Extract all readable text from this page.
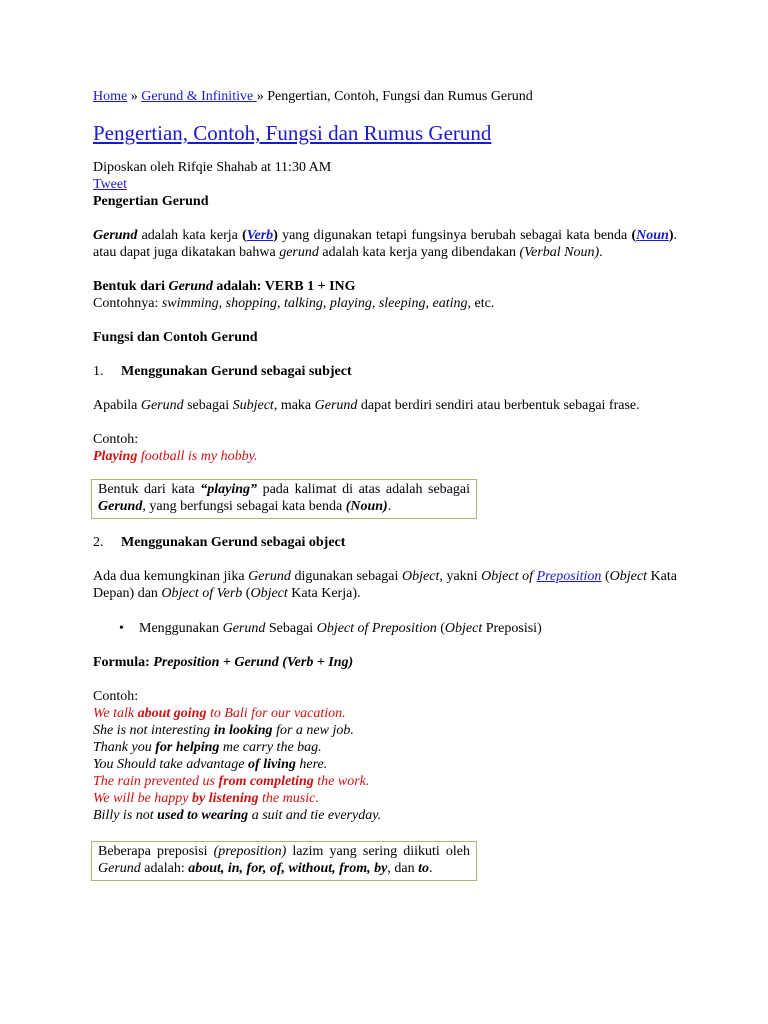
Home » Gerund & Infinitive » Pengertian, Contoh, Fungsi dan Rumus Gerund

Pengertian, Contoh, Fungsi dan Rumus Gerund

Diposkan oleh Rifqie Shahab at 11:30 AM

Tweet

Pengertian Gerund

Gerund adalah kata kerja (Verb) yang digunakan tetapi fungsinya berubah sebagai kata benda (Noun). atau dapat juga dikatakan bahwa gerund adalah kata kerja yang dibendakan (Verbal Noun).

Bentuk dari Gerund adalah: VERB 1 + ING

Contohnya: swimming, shopping, talking, playing, sleeping, eating, etc.

Fungsi dan Contoh Gerund

1. Menggunakan Gerund sebagai subject

Apabila Gerund sebagai Subject, maka Gerund dapat berdiri sendiri atau berbentuk sebagai frase.

Contoh:

Playing football is my hobby.

Bentuk dari kata “playing” pada kalimat di atas adalah sebagai Gerund, yang berfungsi sebagai kata benda (Noun).

2. Menggunakan Gerund sebagai object

Ada dua kemungkinan jika Gerund digunakan sebagai Object, yakni Object of Preposition (Object Kata Depan) dan Object of Verb (Object Kata Kerja).

• Menggunakan Gerund Sebagai Object of Preposition (Object Preposisi)

Formula: Preposition + Gerund (Verb + Ing)

Contoh:

We talk about going to Bali for our vacation.

She is not interesting in looking for a new job.

Thank you for helping me carry the bag.

You Should take advantage of living here.

The rain prevented us from completing the work.

We will be happy by listening the music.

Billy is not used to wearing a suit and tie everyday.

Beberapa preposisi (preposition) lazim yang sering diikuti oleh Gerund adalah: about, in, for, of, without, from, by, dan to.
